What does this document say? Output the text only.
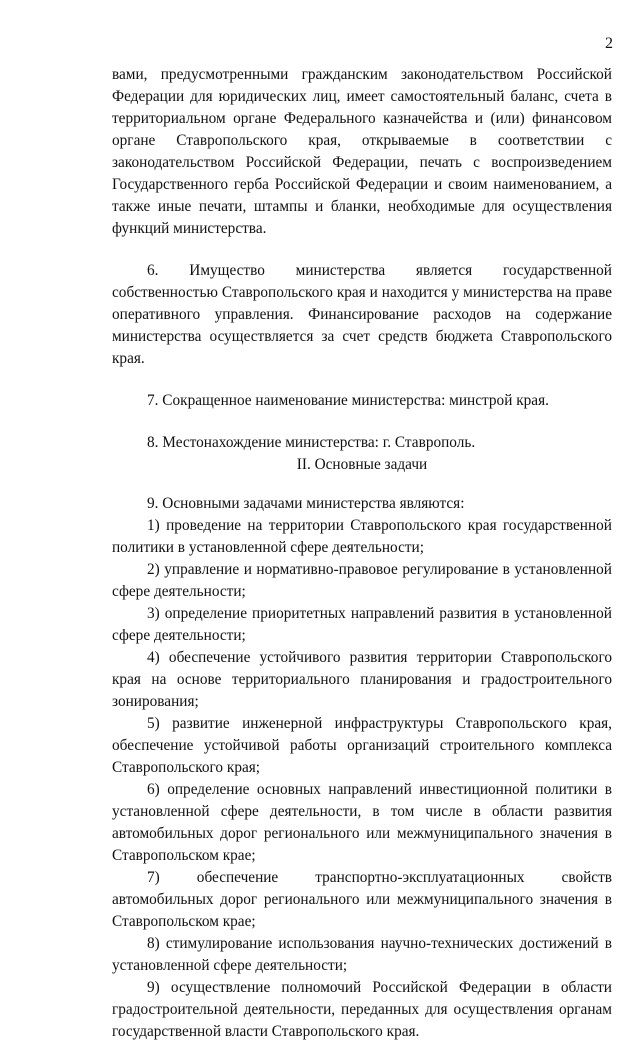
2

вами, предусмотренными гражданским законодательством Российской Федерации для юридических лиц, имеет самостоятельный баланс, счета в территориальном органе Федерального казначейства и (или) финансовом органе Ставропольского края, открываемые в соответствии с законодательством Российской Федерации, печать с воспроизведением Государственного герба Российской Федерации и своим наименованием, а также иные печати, штампы и бланки, необходимые для осуществления функций министерства.

6. Имущество министерства является государственной собственностью Ставропольского края и находится у министерства на праве оперативного управления. Финансирование расходов на содержание министерства осуществляется за счет средств бюджета Ставропольского края.

7. Сокращенное наименование министерства: минстрой края.

8. Местонахождение министерства: г. Ставрополь.

II. Основные задачи

9. Основными задачами министерства являются:

1) проведение на территории Ставропольского края государственной политики в установленной сфере деятельности;
2) управление и нормативно-правовое регулирование в установленной сфере деятельности;
3) определение приоритетных направлений развития в установленной сфере деятельности;
4) обеспечение устойчивого развития территории Ставропольского края на основе территориального планирования и градостроительного зонирования;
5) развитие инженерной инфраструктуры Ставропольского края, обеспечение устойчивой работы организаций строительного комплекса Ставропольского края;
6) определение основных направлений инвестиционной политики в установленной сфере деятельности, в том числе в области развития автомобильных дорог регионального или межмуниципального значения в Ставропольском крае;
7) обеспечение транспортно-эксплуатационных свойств автомобильных дорог регионального или межмуниципального значения в Ставропольском крае;
8) стимулирование использования научно-технических достижений в установленной сфере деятельности;
9) осуществление полномочий Российской Федерации в области градостроительной деятельности, переданных для осуществления органам государственной власти Ставропольского края.
